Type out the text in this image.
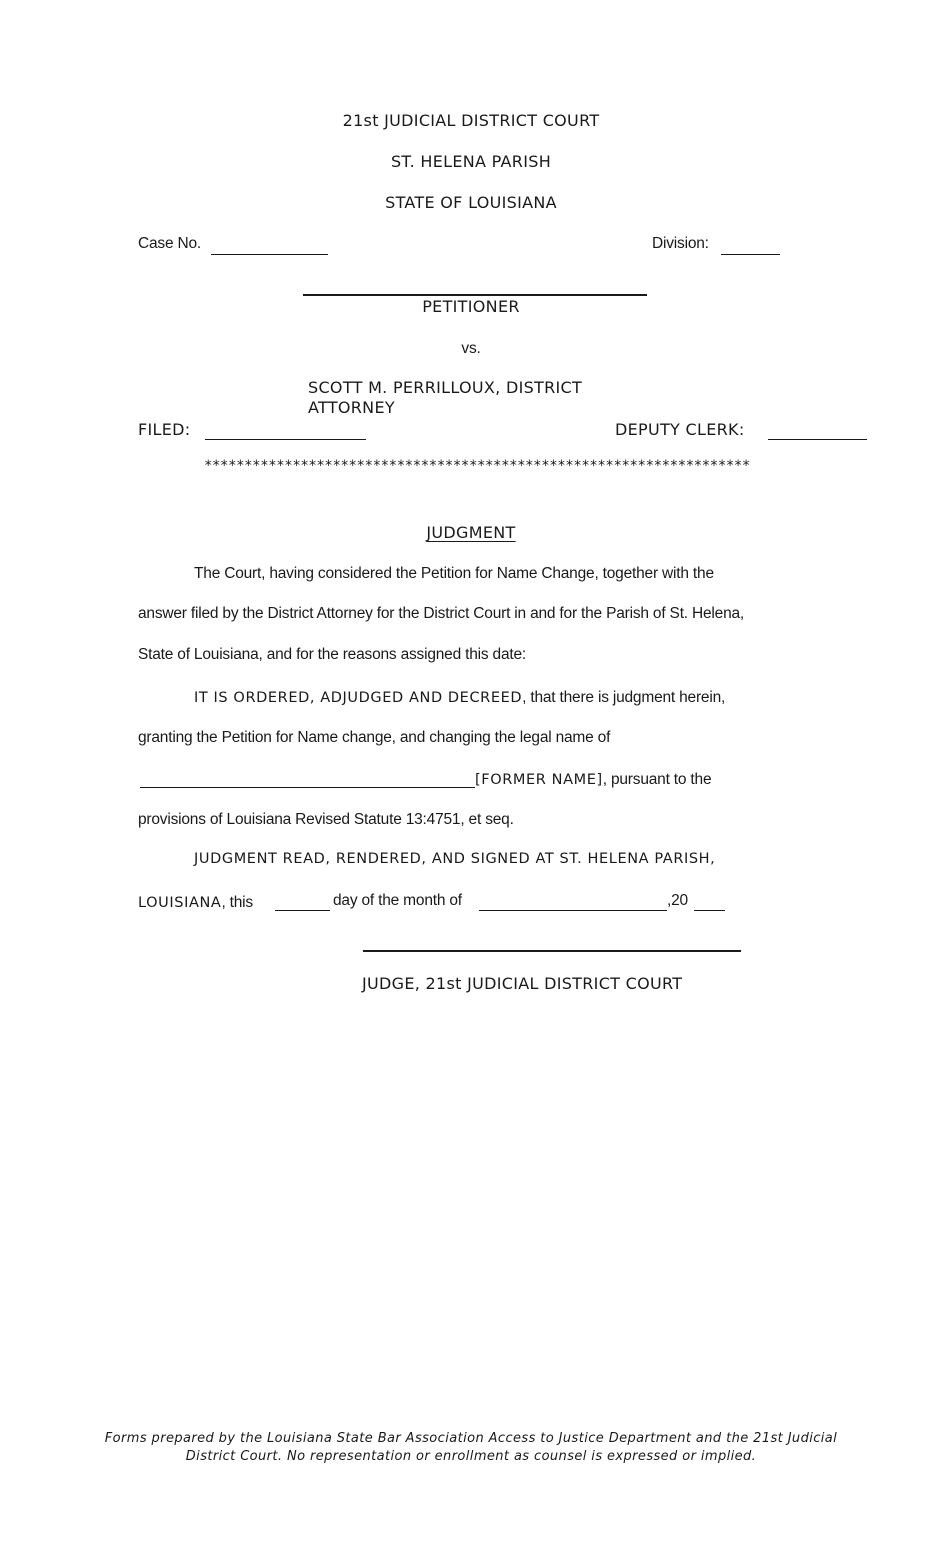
21st JUDICIAL DISTRICT COURT
ST. HELENA PARISH
STATE OF LOUISIANA
Case No.	Division:
PETITIONER
vs.
SCOTT M. PERRILLOUX, DISTRICT ATTORNEY
FILED:	DEPUTY CLERK:
********************************************************************
JUDGMENT
The Court, having considered the Petition for Name Change, together with the
answer filed by the District Attorney for the District Court in and for the Parish of St. Helena,
State of Louisiana, and for the reasons assigned this date:
IT IS ORDERED, ADJUDGED AND DECREED, that there is judgment herein,
granting the Petition for Name change, and changing the legal name of
[FORMER NAME], pursuant to the
provisions of Louisiana Revised Statute 13:4751, et seq.
JUDGMENT READ, RENDERED, AND SIGNED AT ST. HELENA PARISH,
LOUISIANA, this	day of the month of	,20
JUDGE, 21st JUDICIAL DISTRICT COURT
Forms prepared by the Louisiana State Bar Association Access to Justice Department and the 21st Judicial
District Court. No representation or enrollment as counsel is expressed or implied.
